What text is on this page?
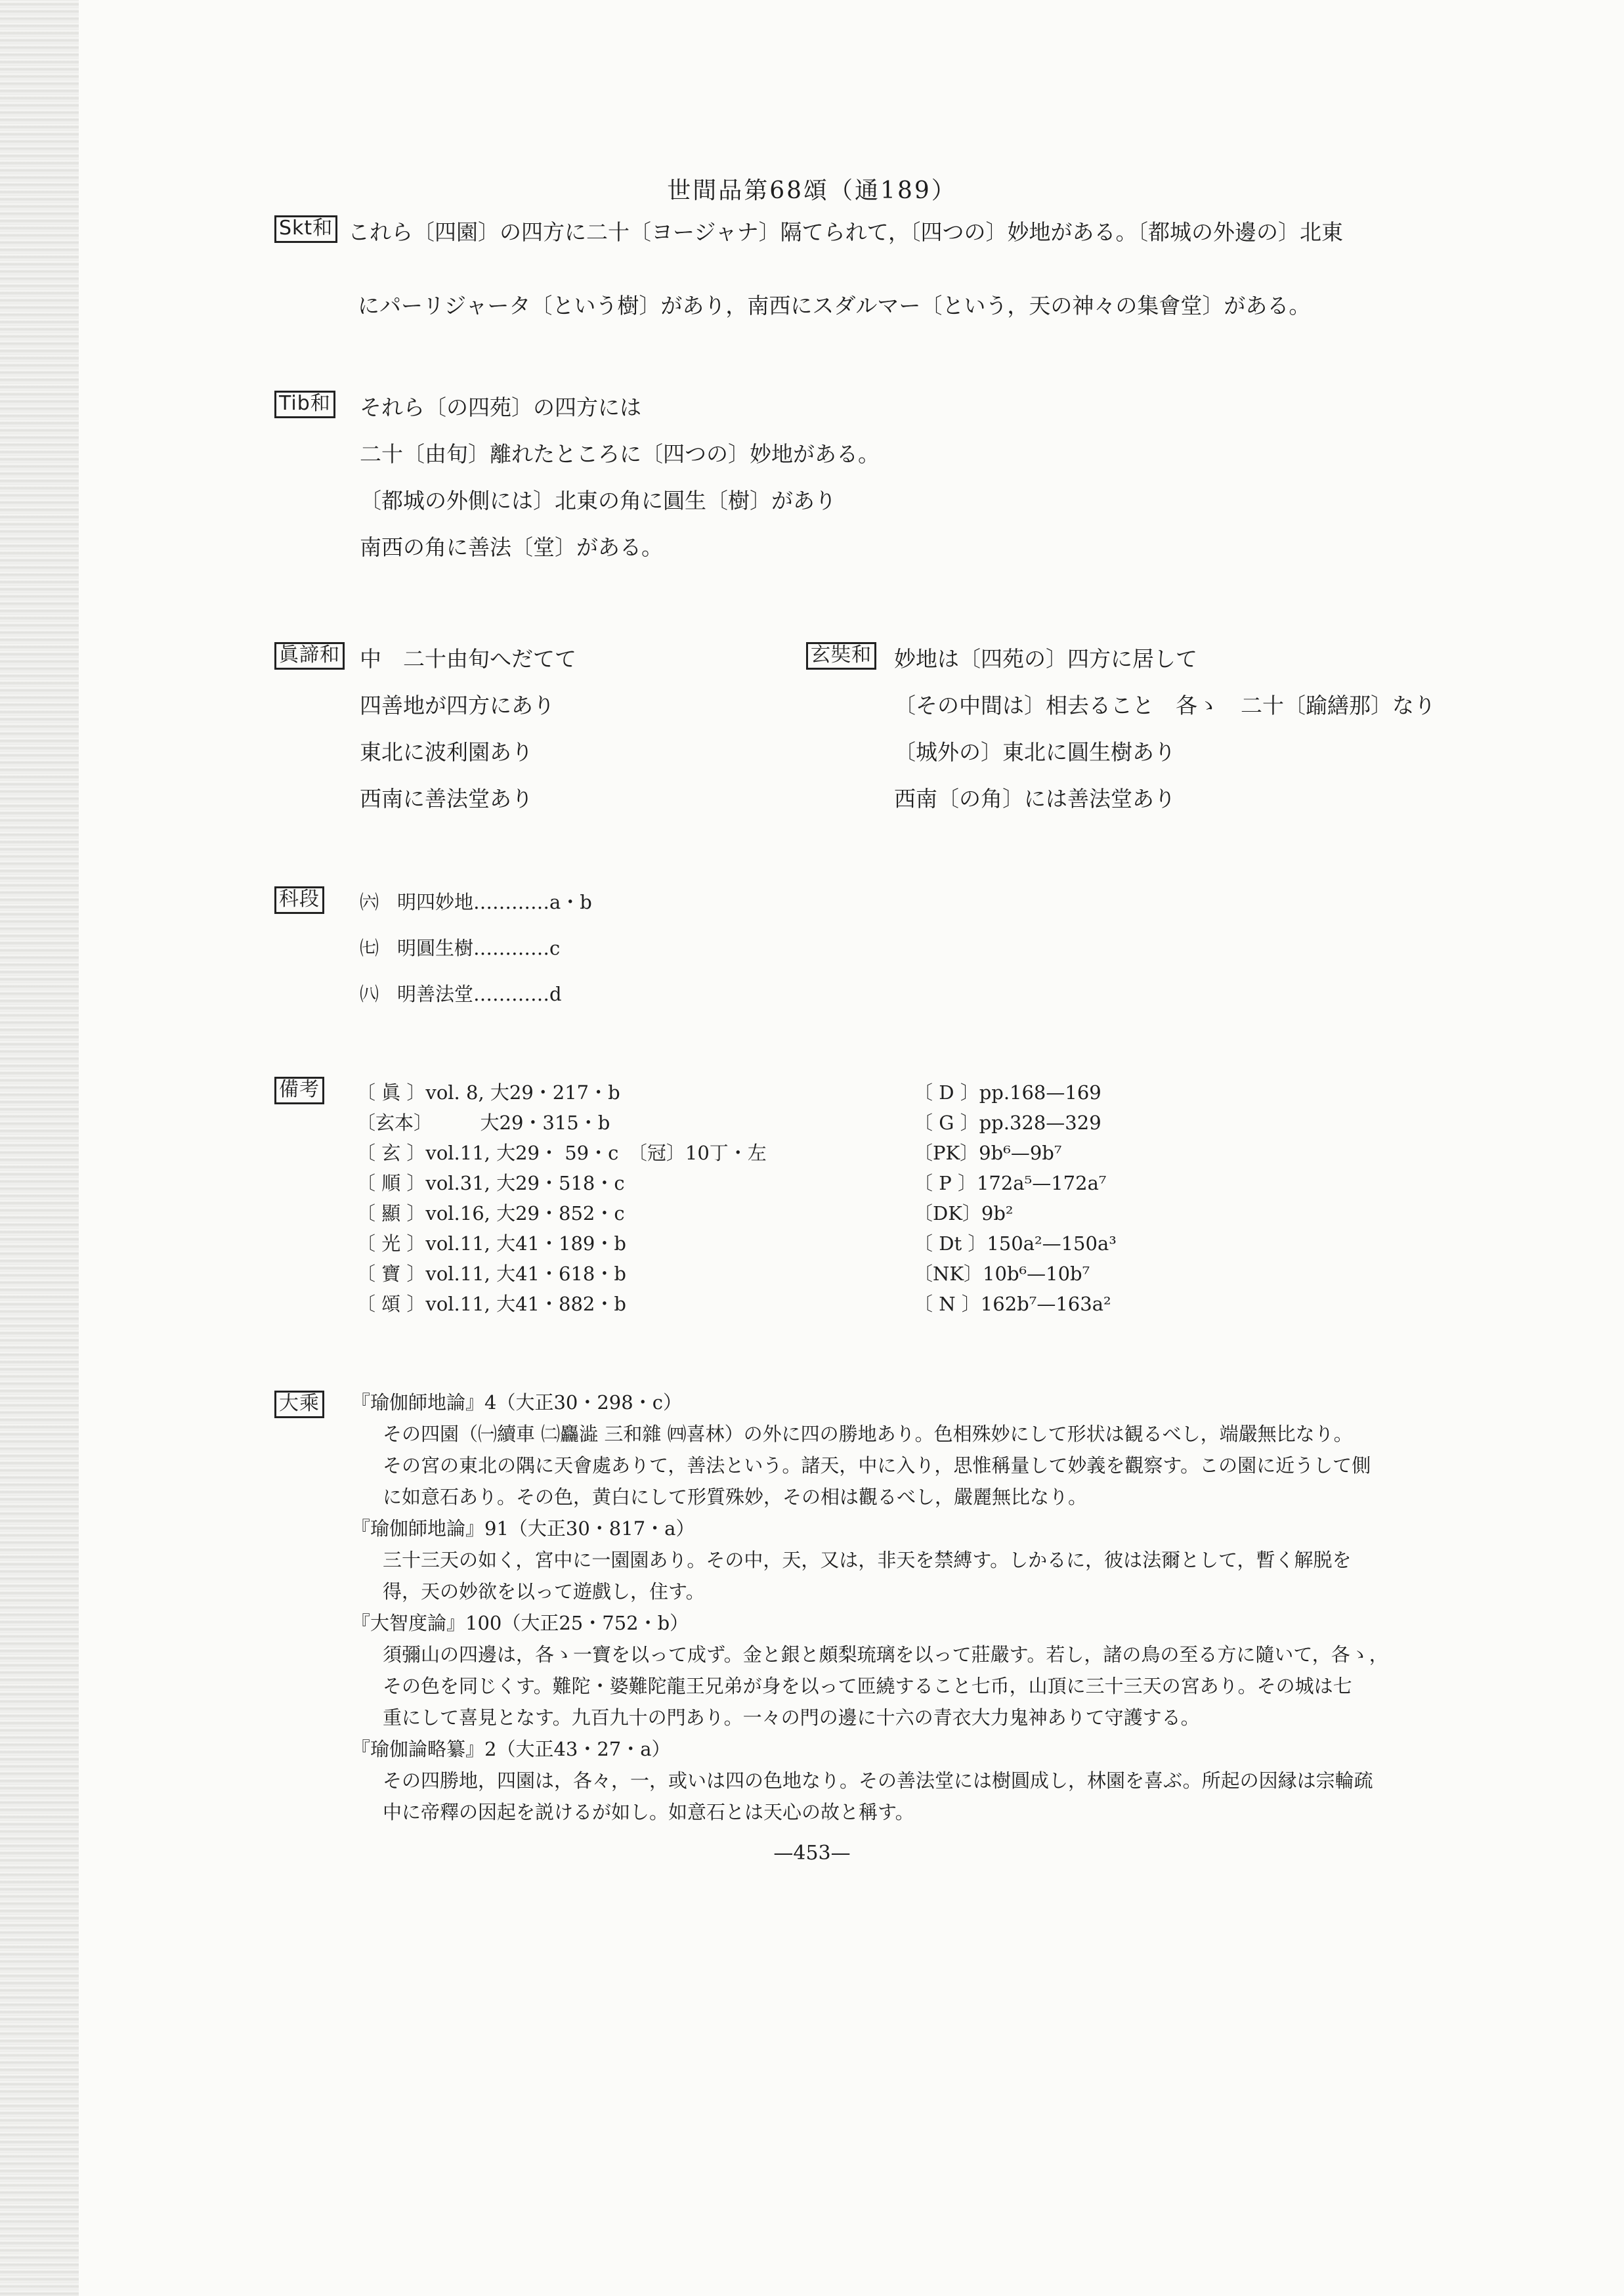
世間品第68頌（通189）
Skt和 これら〔四園〕の四方に二十〔ヨージャナ〕隔てられて，〔四つの〕妙地がある。〔都城の外邊の〕北東
にパーリジャータ〔という樹〕があり，南西にスダルマー〔という，天の神々の集會堂〕がある。
Tib和 それら〔の四苑〕の四方には
二十〔由旬〕離れたところに〔四つの〕妙地がある。
〔都城の外側には〕北東の角に圓生〔樹〕があり
南西の角に善法〔堂〕がある。
眞諦和 中　二十由旬へだてて
四善地が四方にあり
東北に波利園あり
西南に善法堂あり
玄奘和 妙地は〔四苑の〕四方に居して
〔その中間は〕相去ること　各ゝ　二十〔踰繕那〕なり
〔城外の〕東北に圓生樹あり
西南〔の角〕には善法堂あり
科段 ㈥ 明四妙地…………a・b
㈦ 明圓生樹…………c
㈧ 明善法堂…………d
備考 〔 眞 〕vol. 8, 大29・217・b
〔玄本〕　　　大29・315・b
〔 玄 〕vol.11, 大29・ 59・c　〔冠〕10丁・左
〔 順 〕vol.31, 大29・518・c
〔 顯 〕vol.16, 大29・852・c
〔 光 〕vol.11, 大41・189・b
〔 寶 〕vol.11, 大41・618・b
〔 頌 〕vol.11, 大41・882・b
〔 D 〕pp.168—169
〔 G 〕pp.328—329
〔PK〕9b⁶—9b⁷
〔 P 〕172a⁵—172a⁷
〔DK〕9b²
〔 Dt 〕150a²—150a³
〔NK〕10b⁶—10b⁷
〔 N 〕162b⁷—163a²
大乘 『瑜伽師地論』4（大正30・298・c）
その四園（㈠續車 ㈡麤澁 三和雜 ㈣喜林）の外に四の勝地あり。色相殊妙にして形状は観るべし，端嚴無比なり。
その宮の東北の隅に天會處ありて，善法という。諸天，中に入り，思惟稱量して妙義を觀察す。この園に近うして側
に如意石あり。その色，黄白にして形質殊妙，その相は觀るべし，嚴麗無比なり。
『瑜伽師地論』91（大正30・817・a）
三十三天の如く，宮中に一園園あり。その中，天，又は，非天を禁縛す。しかるに，彼は法爾として，暫く解脱を
得，天の妙欲を以って遊戲し，住す。
『大智度論』100（大正25・752・b）
須彌山の四邊は，各ゝ一寶を以って成ず。金と銀と頗梨琉璃を以って莊嚴す。若し，諸の鳥の至る方に隨いて，各ゝ，
その色を同じくす。難陀・婆難陀龍王兄弟が身を以って匝繞すること七币，山頂に三十三天の宮あり。その城は七
重にして喜見となす。九百九十の門あり。一々の門の邊に十六の青衣大力鬼神ありて守護する。
『瑜伽論略纂』2（大正43・27・a）
その四勝地，四園は，各々，一，或いは四の色地なり。その善法堂には樹圓成し，林園を喜ぶ。所起の因縁は宗輪疏
中に帝釋の因起を説けるが如し。如意石とは天心の故と稱す。
—453—
